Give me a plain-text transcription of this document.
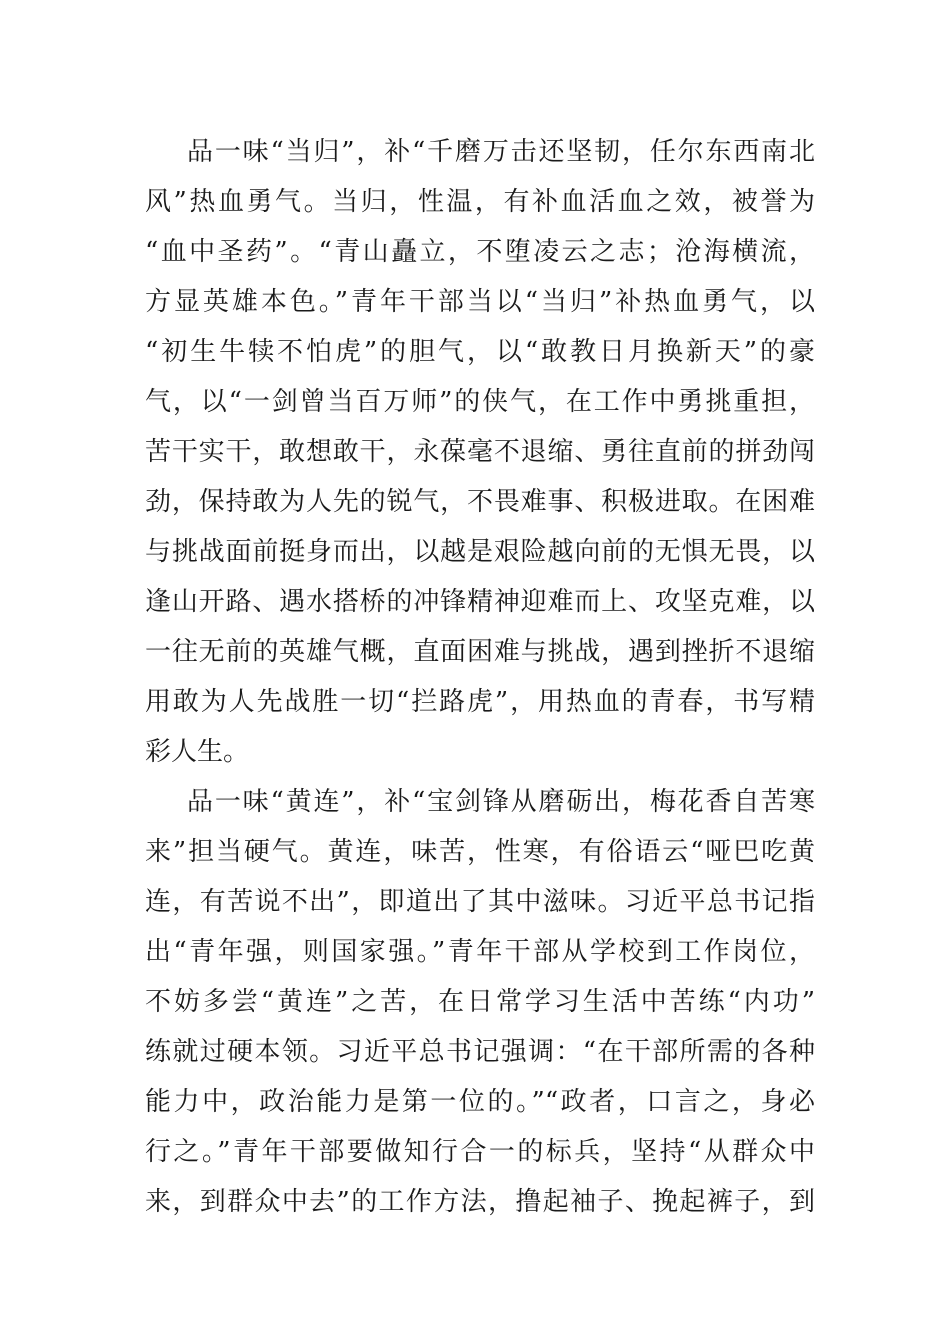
品一味“当归”，补“千磨万击还坚韧，任尔东西南北
风”热血勇气。当归，性温，有补血活血之效，被誉为
“血中圣药”。“青山矗立，不堕凌云之志；沧海横流，
方显英雄本色。”青年干部当以“当归”补热血勇气，以
“初生牛犊不怕虎”的胆气，以“敢教日月换新天”的豪
气，以“一剑曾当百万师”的侠气，在工作中勇挑重担，
苦干实干，敢想敢干，永葆毫不退缩、勇往直前的拼劲闯
劲，保持敢为人先的锐气，不畏难事、积极进取。在困难
与挑战面前挺身而出，以越是艰险越向前的无惧无畏，以
逢山开路、遇水搭桥的冲锋精神迎难而上、攻坚克难，以
一往无前的英雄气概，直面困难与挑战，遇到挫折不退缩
用敢为人先战胜一切“拦路虎”，用热血的青春，书写精
彩人生。
品一味“黄连”，补“宝剑锋从磨砺出，梅花香自苦寒
来”担当硬气。黄连，味苦，性寒，有俗语云“哑巴吃黄
连，有苦说不出”，即道出了其中滋味。习近平总书记指
出“青年强，则国家强。”青年干部从学校到工作岗位，
不妨多尝“黄连”之苦，在日常学习生活中苦练“内功”
练就过硬本领。习近平总书记强调：“在干部所需的各种
能力中，政治能力是第一位的。”“政者，口言之，身必
行之。”青年干部要做知行合一的标兵，坚持“从群众中
来，到群众中去”的工作方法，撸起袖子、挽起裤子，到
